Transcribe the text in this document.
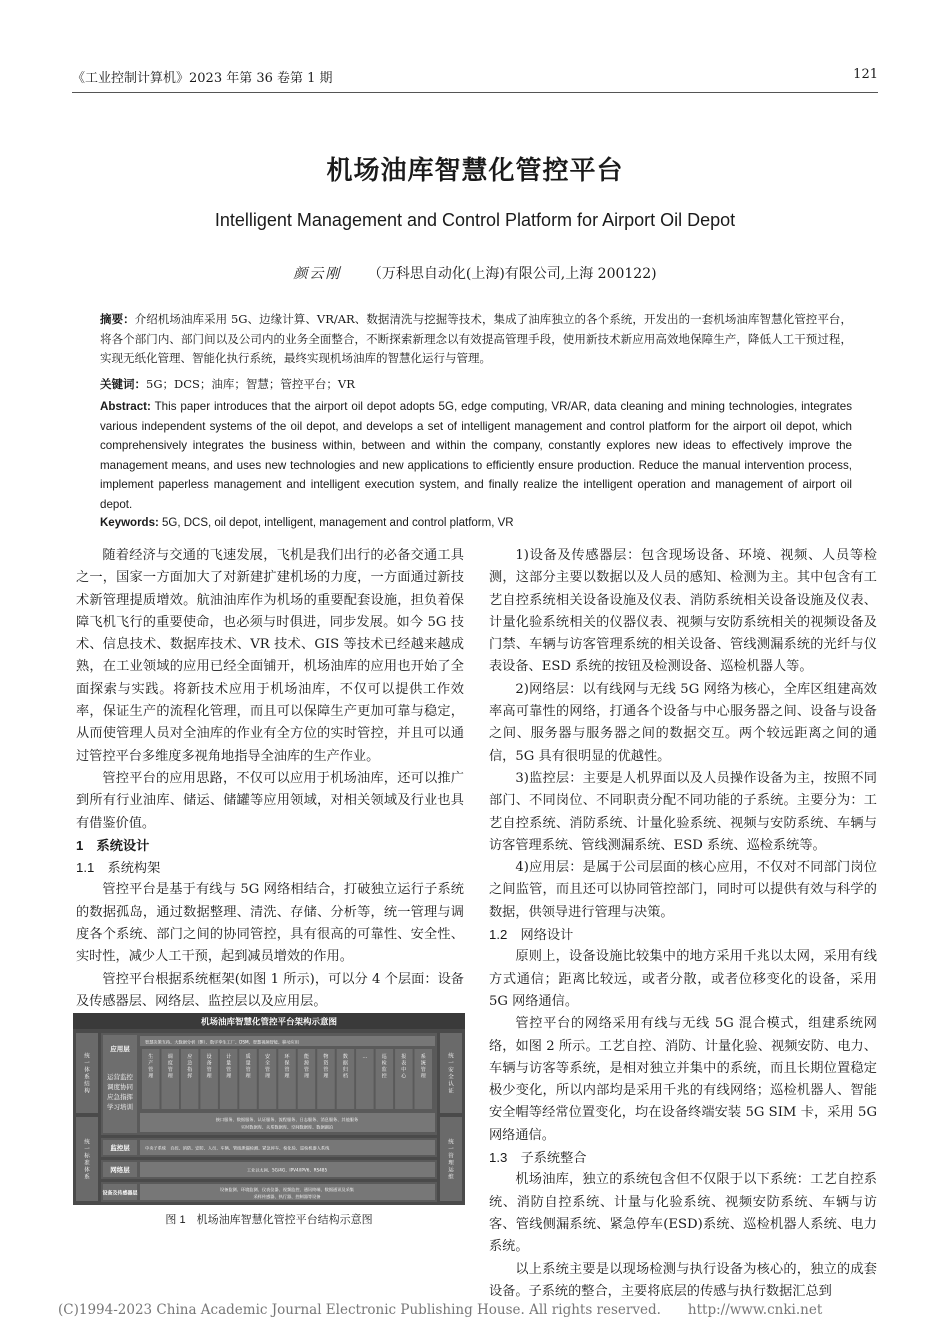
《工业控制计算机》2023 年第 36 卷第 1 期	121
机场油库智慧化管控平台
Intelligent Management and Control Platform for Airport Oil Depot
颜云刚 （万科思自动化(上海)有限公司,上海 200122)
摘要：介绍机场油库采用 5G、边缘计算、VR/AR、数据清洗与挖掘等技术，集成了油库独立的各个系统，开发出的一套机场油库智慧化管控平台，将各个部门内、部门间以及公司内的业务全面整合，不断探索新理念以有效提高管理手段，使用新技术新应用高效地保障生产，降低人工干预过程，实现无纸化管理、智能化执行系统，最终实现机场油库的智慧化运行与管理。
关键词：5G；DCS；油库；智慧；管控平台；VR
Abstract: This paper introduces that the airport oil depot adopts 5G, edge computing, VR/AR, data cleaning and mining technologies, integrates various independent systems of the oil depot, and develops a set of intelligent management and control platform for the airport oil depot, which comprehensively integrates the business within, between and within the company, constantly explores new ideas to effectively improve the management means, and uses new technologies and new applications to efficiently ensure production. Reduce the manual intervention process, implement paperless management and intelligent execution system, and finally realize the intelligent operation and management of airport oil depot.
Keywords: 5G, DCS, oil depot, intelligent, management and control platform, VR

随着经济与交通的飞速发展，飞机是我们出行的必备交通工具之一，国家一方面加大了对新建扩建机场的力度，一方面通过新技术新管理提质增效。航油油库作为机场的重要配套设施，担负着保障飞机飞行的重要使命，也必须与时俱进，同步发展。如今 5G 技术、信息技术、数据库技术、VR 技术、GIS 等技术已经越来越成熟，在工业领域的应用已经全面铺开，机场油库的应用也开始了全面探索与实践。将新技术应用于机场油库，不仅可以提供工作效率，保证生产的流程化管理，而且可以保障生产更加可靠与稳定，从而使管理人员对全油库的作业有全方位的实时管控，并且可以通过管控平台多维度多视角地指导全油库的生产作业。

管控平台的应用思路，不仅可以应用于机场油库，还可以推广到所有行业油库、储运、储罐等应用领域，对相关领域及行业也具有借鉴价值。

1　系统设计

1.1　系统构架

管控平台是基于有线与 5G 网络相结合，打破独立运行子系统的数据孤岛，通过数据整理、清洗、存储、分析等，统一管理与调度各个系统、部门之间的协同管控，具有很高的可靠性、安全性、实时性，减少人工干预，起到减员增效的作用。

管控平台根据系统框架(如图 1 所示)，可以分 4 个层面：设备及传感器层、网络层、监控层以及应用层。

机场油库智慧化管控平台架构示意图
统一体系结构
统一标准体系
统一安全认证
统一管理运维
应用层
运营监控
调度协同
应急指挥
学习培训
智慧决策支持、大数据分析（BI）、数字孪生工厂、DSM、智慧视频智能、移动应用
生产管理
调度管理
应急指挥
设备管理
计量管理
质量管理
安全管理
环保管理
能源管理
物资管理
数据归档
…	巡检监控
报表中心
系统管理
接口服务、数据服务、认证服务、流程服务、日志服务、消息服务、其他服务
实时数据库、关系数据库、空间数据库、数据湖泊
监控层	中央子系统　自控、消防、安防、人员、车辆、管线泄漏检测、紧急停车、检化验、巡检机器人系统
网络层	工业以太网、5G/4G、IPV4/IPV6、RS485
设备及传感器层
设备监测、环境监测、仪表仪器、视频监控、通讯终端、数据通讯及采集
采样传感器、执行器、控制器等设备
图 1　机场油库智慧化管控平台结构示意图

1)设备及传感器层：包含现场设备、环境、视频、人员等检测，这部分主要以数据以及人员的感知、检测为主。其中包含有工艺自控系统相关设备设施及仪表、消防系统相关设备设施及仪表、计量化验系统相关的仪器仪表、视频与安防系统相关的视频设备及门禁、车辆与访客管理系统的相关设备、管线测漏系统的光纤与仪表设备、ESD 系统的按钮及检测设备、巡检机器人等。

2)网络层：以有线网与无线 5G 网络为核心，全库区组建高效率高可靠性的网络，打通各个设备与中心服务器之间、设备与设备之间、服务器与服务器之间的数据交互。两个较远距离之间的通信，5G 具有很明显的优越性。

3)监控层：主要是人机界面以及人员操作设备为主，按照不同部门、不同岗位、不同职责分配不同功能的子系统。主要分为：工艺自控系统、消防系统、计量化验系统、视频与安防系统、车辆与访客管理系统、管线测漏系统、ESD 系统、巡检系统等。

4)应用层：是属于公司层面的核心应用，不仅对不同部门岗位之间监管，而且还可以协同管控部门，同时可以提供有效与科学的数据，供领导进行管理与决策。

1.2　网络设计

原则上，设备设施比较集中的地方采用千兆以太网，采用有线方式通信；距离比较远，或者分散，或者位移变化的设备，采用 5G 网络通信。

管控平台的网络采用有线与无线 5G 混合模式，组建系统网络，如图 2 所示。工艺自控、消防、计量化验、视频安防、电力、车辆与访客等系统，是相对独立并集中的系统，而且长期位置稳定极少变化，所以内部均是采用千兆的有线网络；巡检机器人、智能安全帽等经常位置变化，均在设备终端安装 5G SIM 卡，采用 5G 网络通信。

1.3　子系统整合

机场油库，独立的系统包含但不仅限于以下系统：工艺自控系统、消防自控系统、计量与化验系统、视频安防系统、车辆与访客、管线侧漏系统、紧急停车(ESD)系统、巡检机器人系统、电力系统。

以上系统主要是以现场检测与执行设备为核心的，独立的成套设备。子系统的整合，主要将底层的传感与执行数据汇总到

(C)1994-2023 China Academic Journal Electronic Publishing House. All rights reserved.　　http://www.cnki.net
